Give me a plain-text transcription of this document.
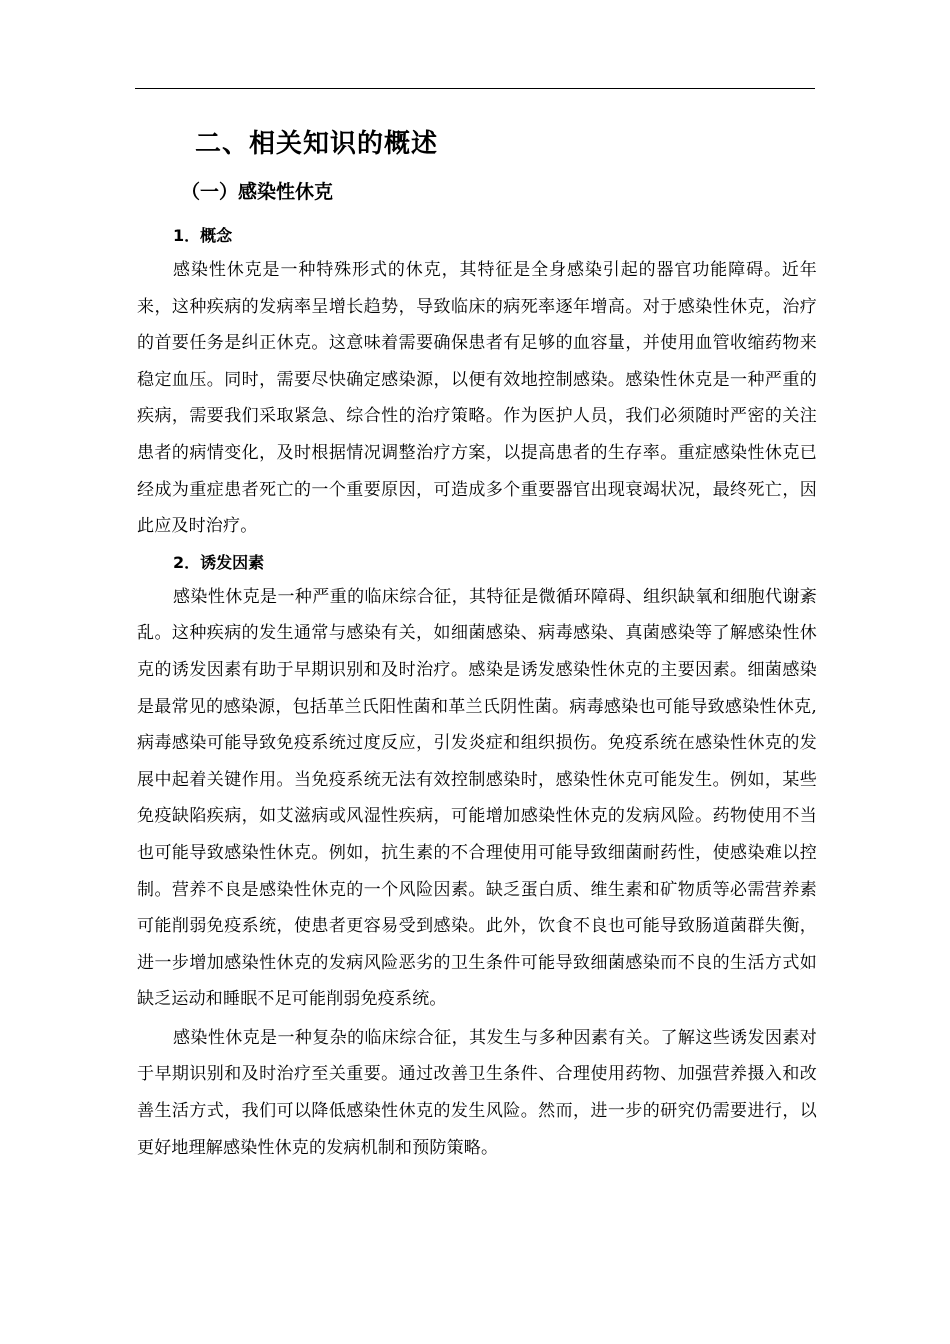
二、相关知识的概述
（一）感染性休克
1．概念

感染性休克是一种特殊形式的休克，其特征是全身感染引起的器官功能障碍。近年来，这种疾病的发病率呈增长趋势，导致临床的病死率逐年增高。对于感染性休克，治疗的首要任务是纠正休克。这意味着需要确保患者有足够的血容量，并使用血管收缩药物来稳定血压。同时，需要尽快确定感染源，以便有效地控制感染。感染性休克是一种严重的疾病，需要我们采取紧急、综合性的治疗策略。作为医护人员，我们必须随时严密的关注患者的病情变化，及时根据情况调整治疗方案，以提高患者的生存率。重症感染性休克已经成为重症患者死亡的一个重要原因，可造成多个重要器官出现衰竭状况，最终死亡，因此应及时治疗。

2．诱发因素

感染性休克是一种严重的临床综合征，其特征是微循环障碍、组织缺氧和细胞代谢紊乱。这种疾病的发生通常与感染有关，如细菌感染、病毒感染、真菌感染等了解感染性休克的诱发因素有助于早期识别和及时治疗。感染是诱发感染性休克的主要因素。细菌感染是最常见的感染源，包括革兰氏阳性菌和革兰氏阴性菌。病毒感染也可能导致感染性休克,病毒感染可能导致免疫系统过度反应，引发炎症和组织损伤。免疫系统在感染性休克的发展中起着关键作用。当免疫系统无法有效控制感染时，感染性休克可能发生。例如，某些免疫缺陷疾病，如艾滋病或风湿性疾病，可能增加感染性休克的发病风险。药物使用不当也可能导致感染性休克。例如，抗生素的不合理使用可能导致细菌耐药性，使感染难以控制。营养不良是感染性休克的一个风险因素。缺乏蛋白质、维生素和矿物质等必需营养素可能削弱免疫系统，使患者更容易受到感染。此外，饮食不良也可能导致肠道菌群失衡，进一步增加感染性休克的发病风险恶劣的卫生条件可能导致细菌感染而不良的生活方式如缺乏运动和睡眠不足可能削弱免疫系统。

感染性休克是一种复杂的临床综合征，其发生与多种因素有关。了解这些诱发因素对于早期识别和及时治疗至关重要。通过改善卫生条件、合理使用药物、加强营养摄入和改善生活方式，我们可以降低感染性休克的发生风险。然而，进一步的研究仍需要进行，以更好地理解感染性休克的发病机制和预防策略。
